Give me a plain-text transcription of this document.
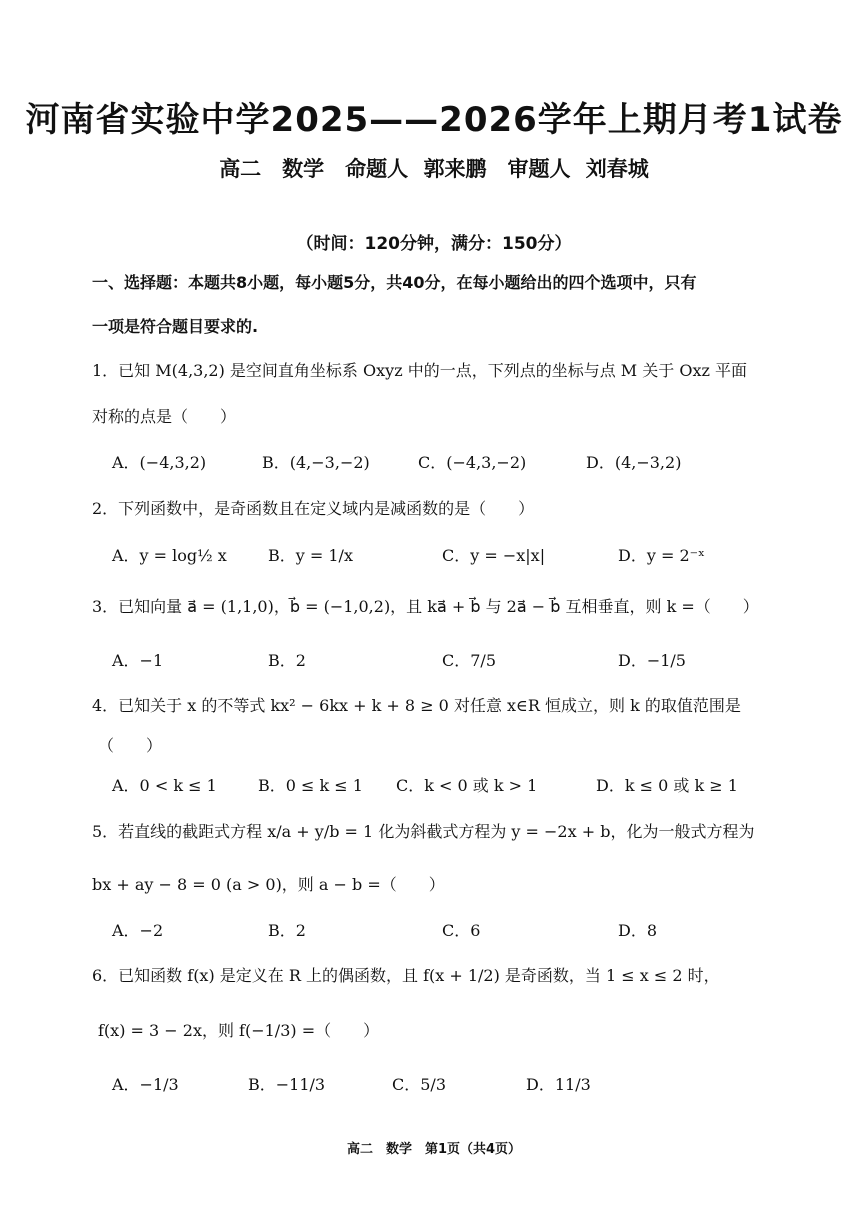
河南省实验中学2025——2026学年上期月考1试卷
高二　数学　命题人 郭来鹏　审题人 刘春城
（时间：120分钟，满分：150分）
一、选择题：本题共8小题，每小题5分，共40分，在每小题给出的四个选项中，只有
一项是符合题目要求的.
1．已知 M(4,3,2) 是空间直角坐标系 Oxyz 中的一点，下列点的坐标与点 M 关于 Oxz 平面
对称的点是（　　）
A．(−4,3,2)	B．(4,−3,−2)	C．(−4,3,−2)	D．(4,−3,2)
2．下列函数中，是奇函数且在定义域内是减函数的是（　　）
A．y = log½ x	B．y = 1/x	C．y = −x|x|	D．y = 2⁻ˣ
3．已知向量 a⃗ = (1,1,0)，b⃗ = (−1,0,2)，且 ka⃗ + b⃗ 与 2a⃗ − b⃗ 互相垂直，则 k =（　　）
A．−1	B．2	C．7/5	D．−1/5
4．已知关于 x 的不等式 kx² − 6kx + k + 8 ≥ 0 对任意 x∈R 恒成立，则 k 的取值范围是
（　　）
A．0 < k ≤ 1	B．0 ≤ k ≤ 1 C．k < 0 或 k > 1	D．k ≤ 0 或 k ≥ 1
5．若直线的截距式方程 x/a + y/b = 1 化为斜截式方程为 y = −2x + b，化为一般式方程为
bx + ay − 8 = 0 (a > 0)，则 a − b =（　　）
A．−2	B．2	C．6	D．8
6．已知函数 f(x) 是定义在 R 上的偶函数，且 f(x + 1/2) 是奇函数，当 1 ≤ x ≤ 2 时，
f(x) = 3 − 2x，则 f(−1/3) =（　　）
A．−1/3	B．−11/3	C．5/3	D．11/3
高二　数学　第1页（共4页）
